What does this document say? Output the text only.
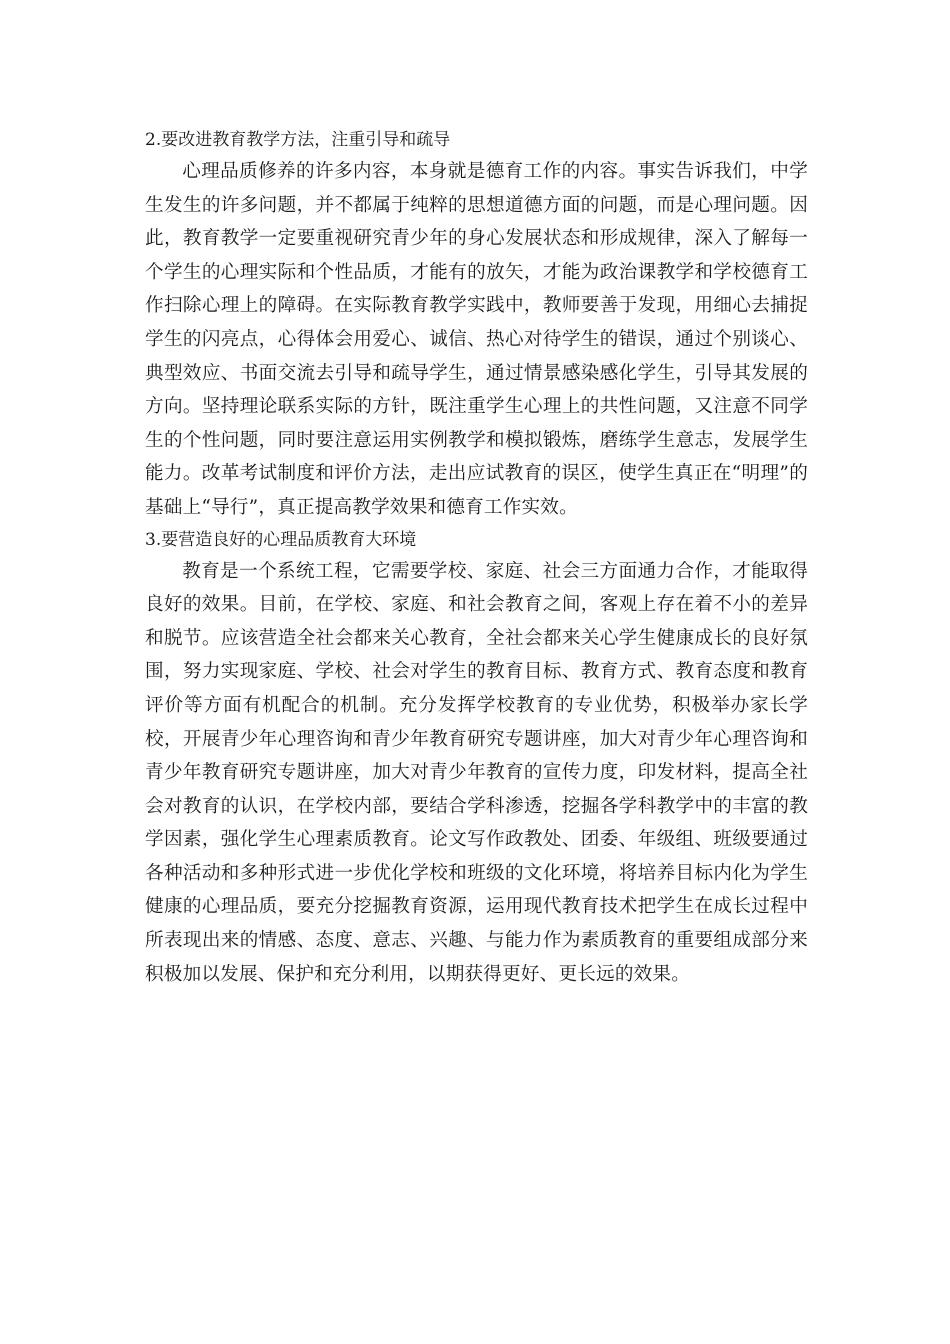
2.要改进教育教学方法，注重引导和疏导

心理品质修养的许多内容，本身就是德育工作的内容。事实告诉我们，中学生发生的许多问题，并不都属于纯粹的思想道德方面的问题，而是心理问题。因此，教育教学一定要重视研究青少年的身心发展状态和形成规律，深入了解每一个学生的心理实际和个性品质，才能有的放矢，才能为政治课教学和学校德育工作扫除心理上的障碍。在实际教育教学实践中，教师要善于发现，用细心去捕捉学生的闪亮点，心得体会用爱心、诚信、热心对待学生的错误，通过个别谈心、典型效应、书面交流去引导和疏导学生，通过情景感染感化学生，引导其发展的方向。坚持理论联系实际的方针，既注重学生心理上的共性问题，又注意不同学生的个性问题，同时要注意运用实例教学和模拟锻炼，磨练学生意志，发展学生能力。改革考试制度和评价方法，走出应试教育的误区，使学生真正在“明理”的基础上“导行”，真正提高教学效果和德育工作实效。

3.要营造良好的心理品质教育大环境

教育是一个系统工程，它需要学校、家庭、社会三方面通力合作，才能取得良好的效果。目前，在学校、家庭、和社会教育之间，客观上存在着不小的差异和脱节。应该营造全社会都来关心教育，全社会都来关心学生健康成长的良好氛围，努力实现家庭、学校、社会对学生的教育目标、教育方式、教育态度和教育评价等方面有机配合的机制。充分发挥学校教育的专业优势，积极举办家长学校，开展青少年心理咨询和青少年教育研究专题讲座，加大对青少年心理咨询和青少年教育研究专题讲座，加大对青少年教育的宣传力度，印发材料，提高全社会对教育的认识，在学校内部，要结合学科渗透，挖掘各学科教学中的丰富的教学因素，强化学生心理素质教育。论文写作政教处、团委、年级组、班级要通过各种活动和多种形式进一步优化学校和班级的文化环境，将培养目标内化为学生健康的心理品质，要充分挖掘教育资源，运用现代教育技术把学生在成长过程中所表现出来的情感、态度、意志、兴趣、与能力作为素质教育的重要组成部分来积极加以发展、保护和充分利用，以期获得更好、更长远的效果。
